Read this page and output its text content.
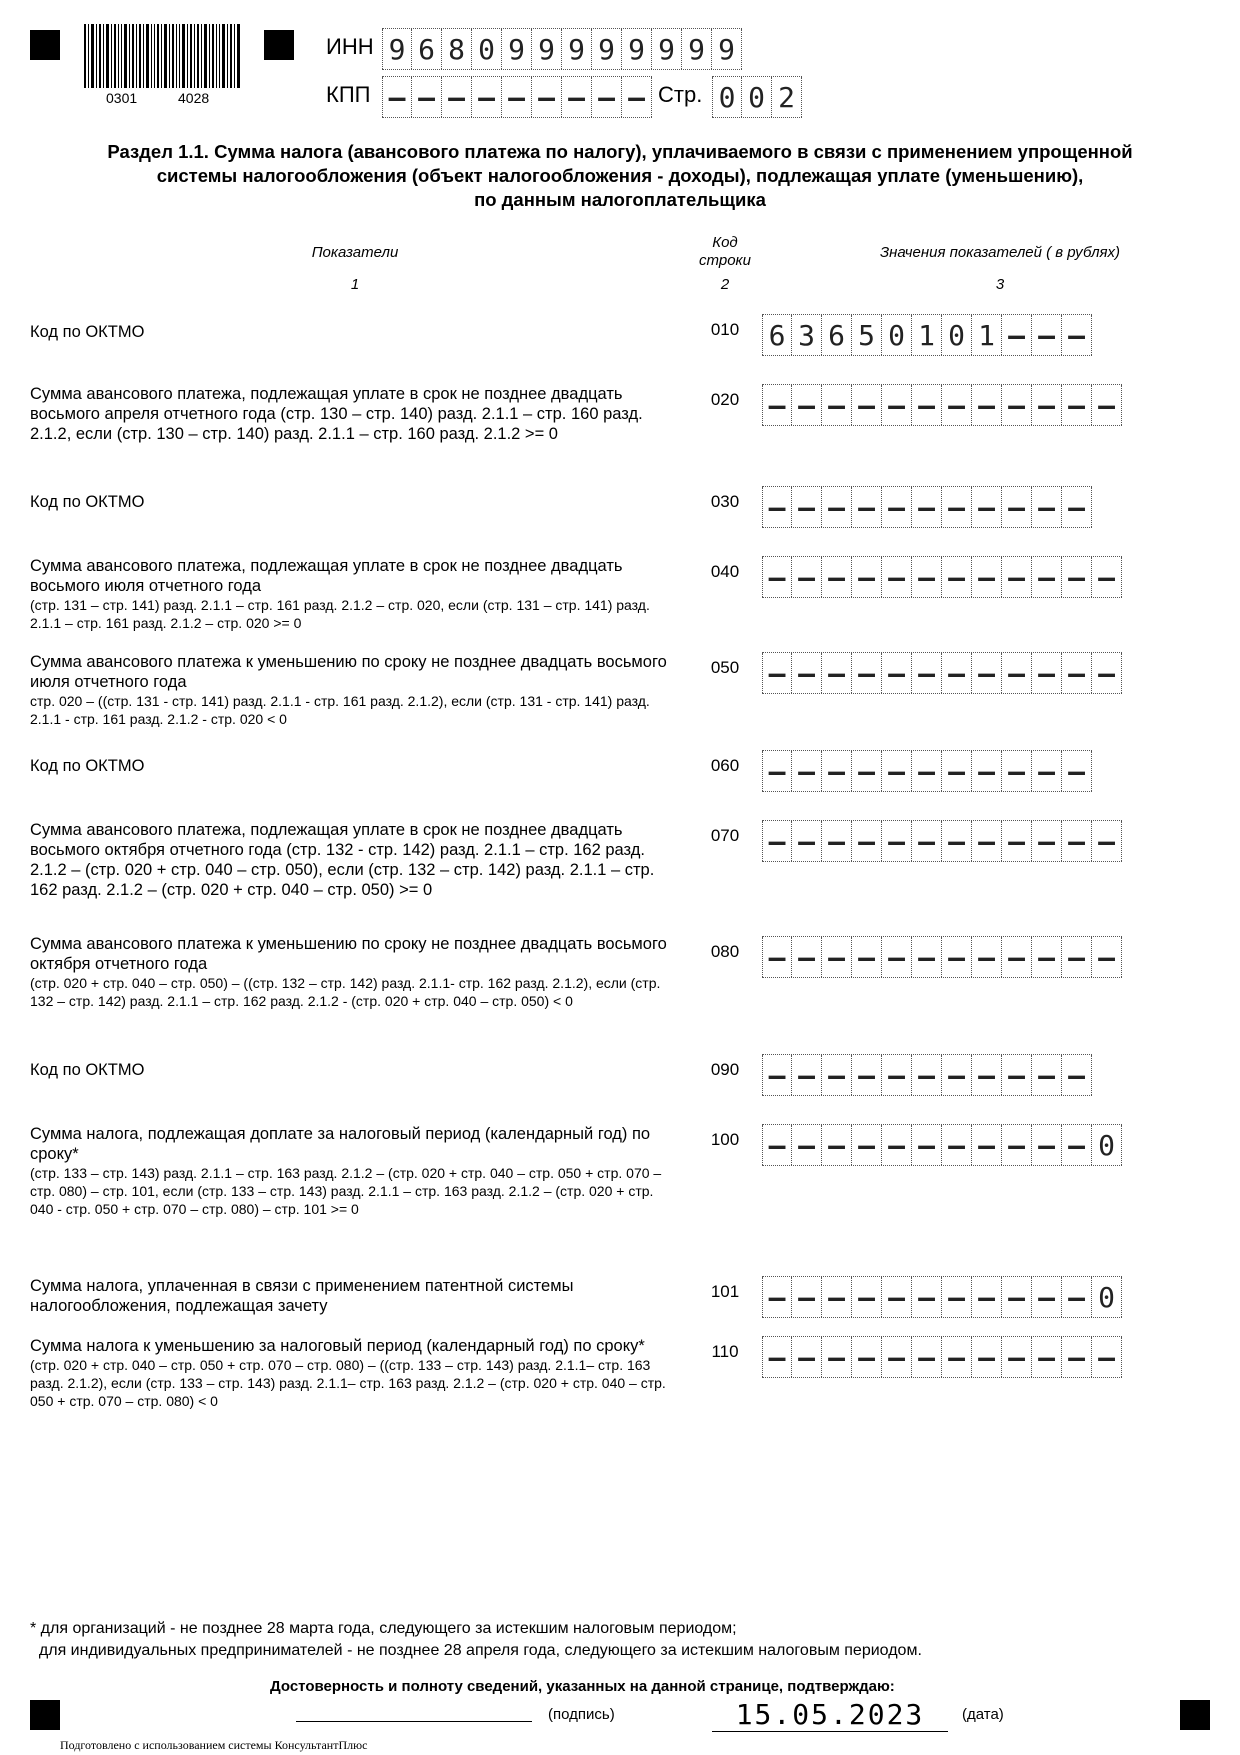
0301	4028
ИНН 9 6 8 0 9 9 9 9 9 9 9 9
КПП – – – – – – – – – Стр. 0 0 2
Раздел 1.1. Сумма налога (авансового платежа по налогу), уплачиваемого в связи с применением упрощенной
системы налогообложения (объект налогообложения - доходы), подлежащая уплате (уменьшению),
по данным налогоплательщика
Показатели
1
Код
строки
2
Значения показателей ( в рублях)
3
Код по ОКТМО	010	6 3 6 5 0 1 0 1 – – –
Сумма авансового платежа, подлежащая уплате в срок не позднее двадцать восьмого апреля отчетного года (стр. 130 – стр. 140) разд. 2.1.1 – стр. 160 разд. 2.1.2, если (стр. 130 – стр. 140) разд. 2.1.1 – стр. 160 разд. 2.1.2 >= 0
020	– – – – – – – – – – – –
Код по ОКТМО	030	– – – – – – – – – – –
Сумма авансового платежа, подлежащая уплате в срок не позднее двадцать восьмого июля отчетного года
(стр. 131 – стр. 141) разд. 2.1.1 – стр. 161 разд. 2.1.2 – стр. 020, если (стр. 131 – стр. 141) разд. 2.1.1 – стр. 161 разд. 2.1.2 – стр. 020 >= 0
040	– – – – – – – – – – – –
Сумма авансового платежа к уменьшению по сроку не позднее двадцать восьмого июля отчетного года
стр. 020 – ((стр. 131 - стр. 141) разд. 2.1.1 - стр. 161 разд. 2.1.2), если (стр. 131 - стр. 141) разд. 2.1.1 - стр. 161 разд. 2.1.2 - стр. 020 < 0
050	– – – – – – – – – – – –
Код по ОКТМО	060	– – – – – – – – – – –
Сумма авансового платежа, подлежащая уплате в срок не позднее двадцать восьмого октября отчетного года (стр. 132 - стр. 142) разд. 2.1.1 – стр. 162 разд. 2.1.2 – (стр. 020 + стр. 040 – стр. 050), если (стр. 132 – стр. 142) разд. 2.1.1 – стр. 162 разд. 2.1.2 – (стр. 020 + стр. 040 – стр. 050) >= 0
070	– – – – – – – – – – – –
Сумма авансового платежа к уменьшению по сроку не позднее двадцать восьмого октября отчетного года
(стр. 020 + стр. 040 – стр. 050) – ((стр. 132 – стр. 142) разд. 2.1.1- стр. 162 разд. 2.1.2), если (стр. 132 – стр. 142) разд. 2.1.1 – стр. 162 разд. 2.1.2 - (стр. 020 + стр. 040 – стр. 050) < 0
080	– – – – – – – – – – – –
Код по ОКТМО	090	– – – – – – – – – – –
Сумма налога, подлежащая доплате за налоговый период (календарный год) по сроку*
(стр. 133 – стр. 143) разд. 2.1.1 – стр. 163 разд. 2.1.2 – (стр. 020 + стр. 040 – стр. 050 + стр. 070 – стр. 080) – стр. 101, если (стр. 133 – стр. 143) разд. 2.1.1 – стр. 163 разд. 2.1.2 – (стр. 020 + стр. 040 - стр. 050 + стр. 070 – стр. 080) – стр. 101 >= 0
100	– – – – – – – – – – – 0
Сумма налога, уплаченная в связи с применением патентной системы налогообложения, подлежащая зачету
101	– – – – – – – – – – – 0
Сумма налога к уменьшению за налоговый период (календарный год) по сроку*
(стр. 020 + стр. 040 – стр. 050 + стр. 070 – стр. 080) – ((стр. 133 – стр. 143) разд. 2.1.1– стр. 163 разд. 2.1.2), если (стр. 133 – стр. 143) разд. 2.1.1– стр. 163 разд. 2.1.2 – (стр. 020 + стр. 040 – стр. 050 + стр. 070 – стр. 080) < 0
110	– – – – – – – – – – – –
* для организаций - не позднее 28 марта года, следующего за истекшим налоговым периодом;
для индивидуальных предпринимателей - не позднее 28 апреля года, следующего за истекшим налоговым периодом.
Достоверность и полноту сведений, указанных на данной странице, подтверждаю:
(подпись)	15.05.2023	(дата)
Подготовлено с использованием системы КонсультантПлюс
